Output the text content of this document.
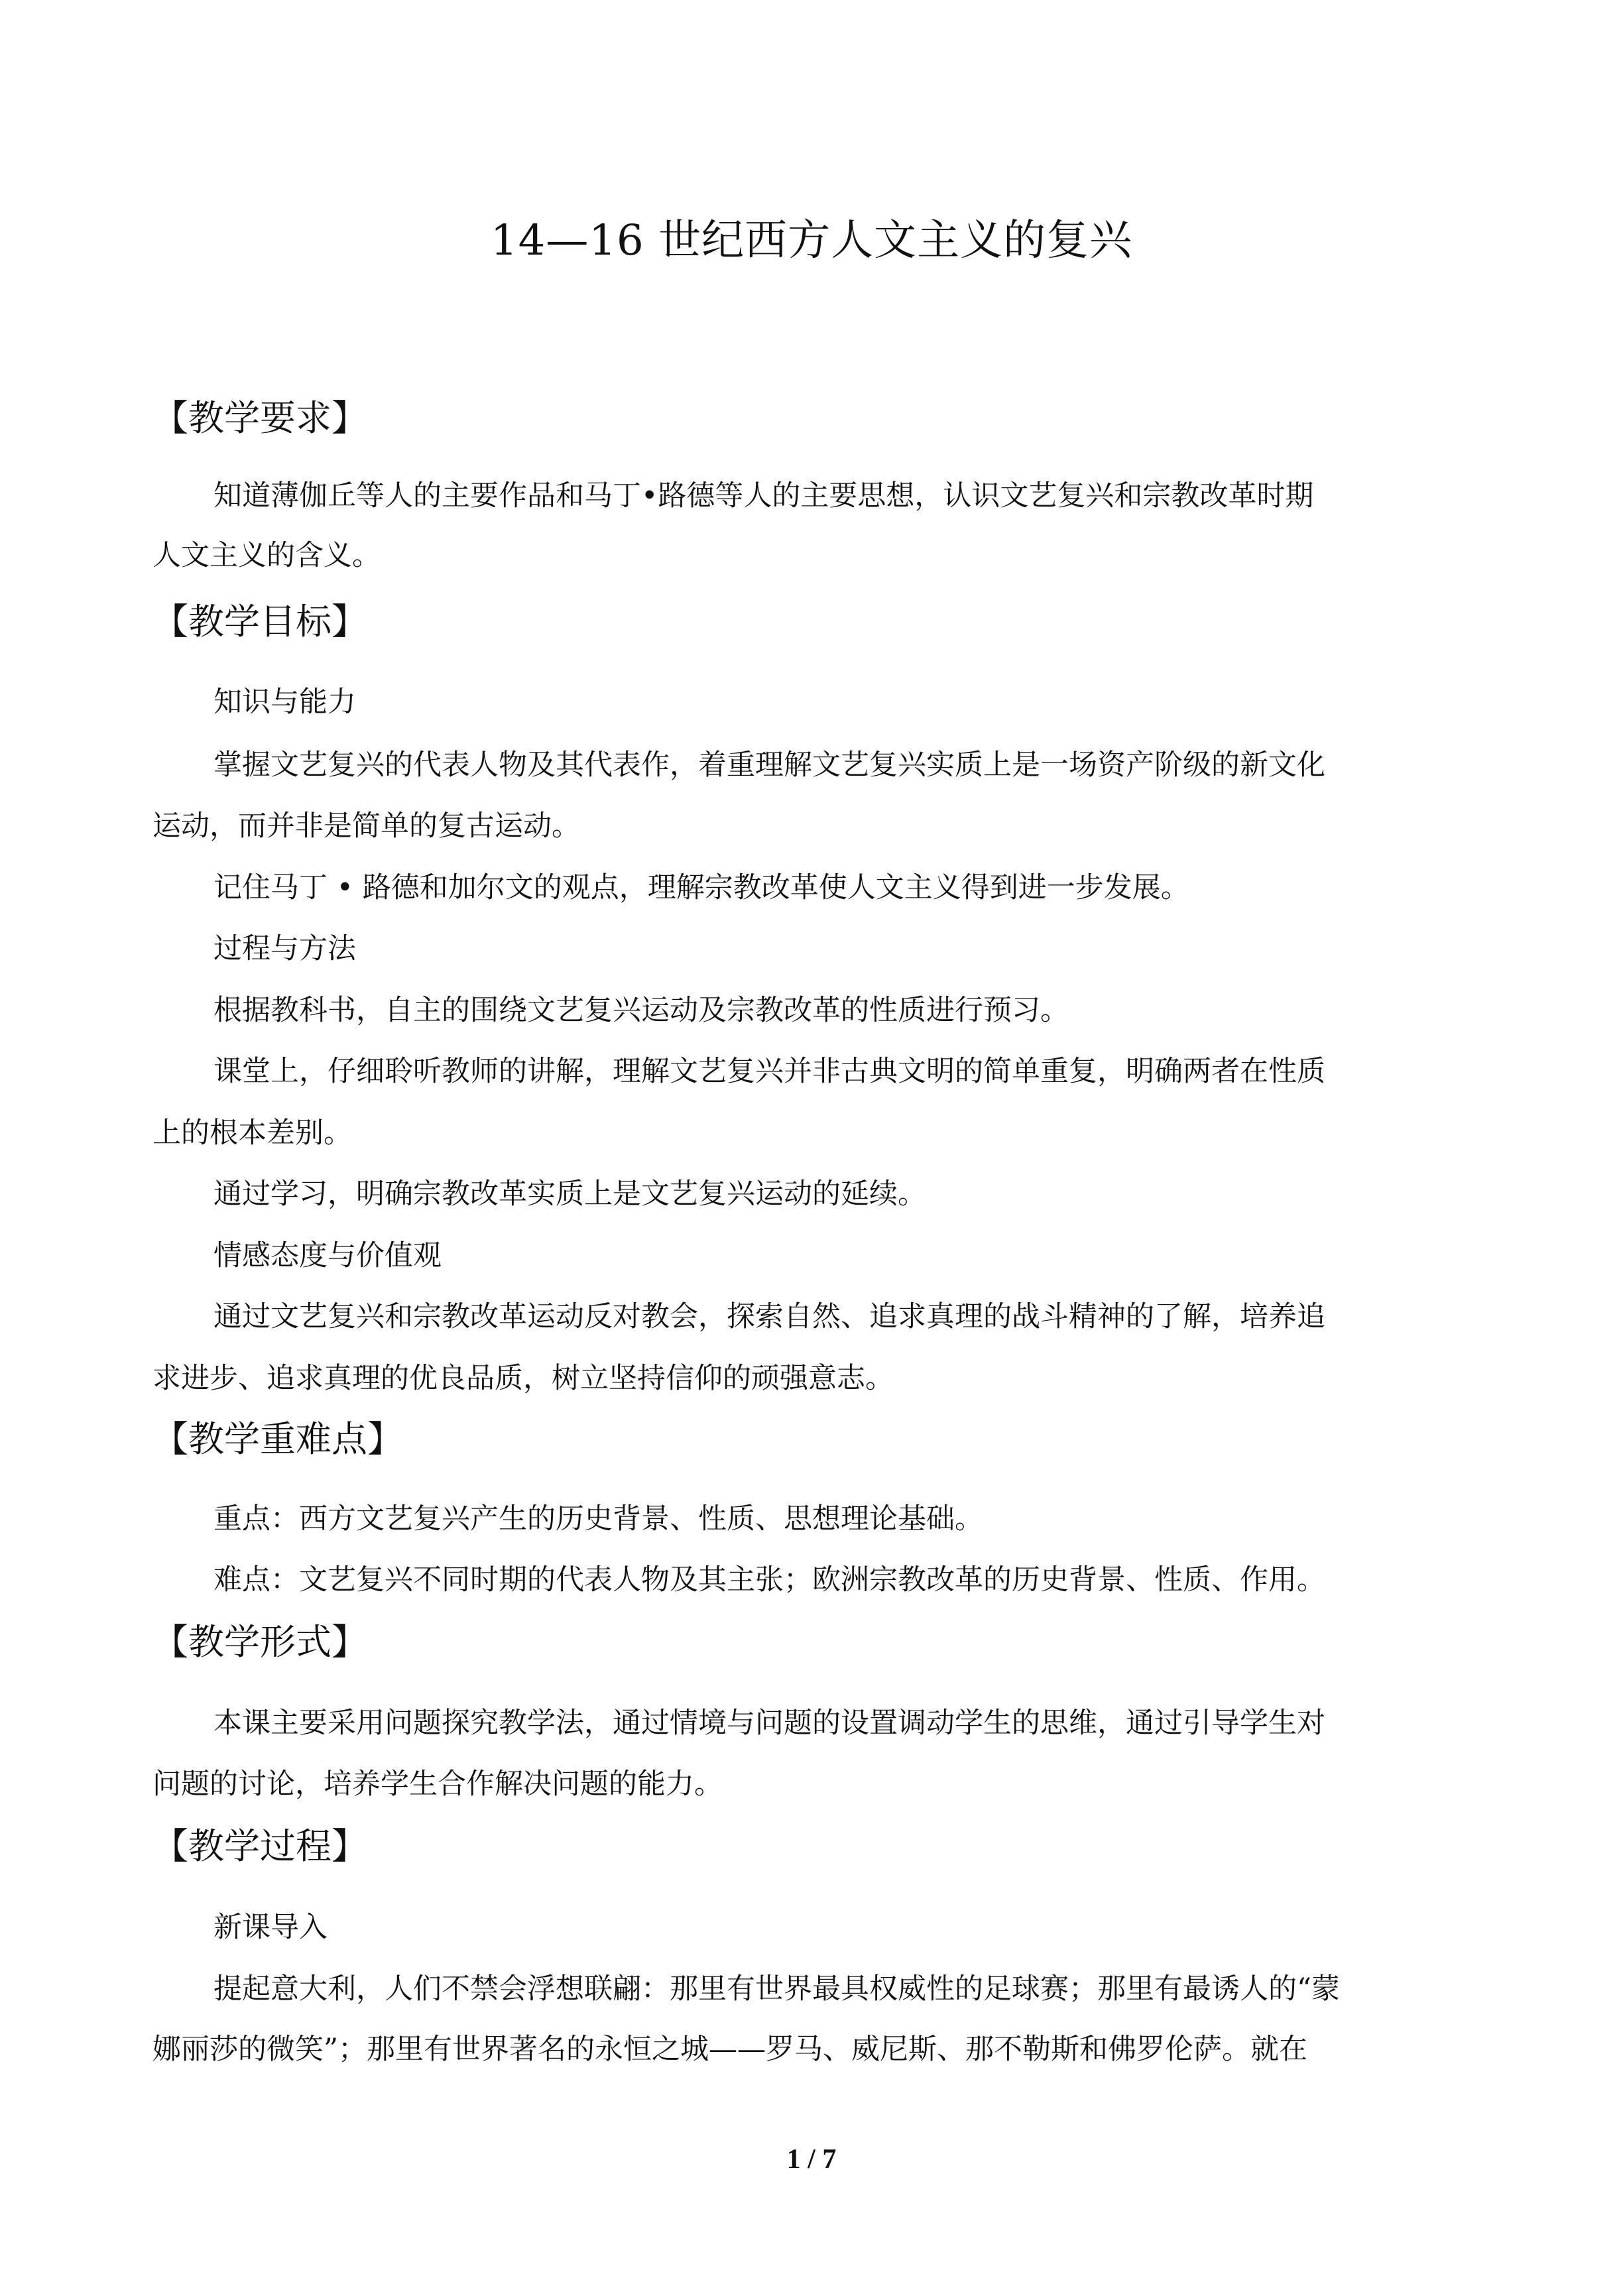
14—16 世纪西方人文主义的复兴
【教学要求】
知道薄伽丘等人的主要作品和马丁•路德等人的主要思想，认识文艺复兴和宗教改革时期
人文主义的含义。
【教学目标】
知识与能力
掌握文艺复兴的代表人物及其代表作，着重理解文艺复兴实质上是一场资产阶级的新文化
运动，而并非是简单的复古运动。
记住马丁 • 路德和加尔文的观点，理解宗教改革使人文主义得到进一步发展。
过程与方法
根据教科书，自主的围绕文艺复兴运动及宗教改革的性质进行预习。
课堂上，仔细聆听教师的讲解，理解文艺复兴并非古典文明的简单重复，明确两者在性质
上的根本差别。
通过学习，明确宗教改革实质上是文艺复兴运动的延续。
情感态度与价值观
通过文艺复兴和宗教改革运动反对教会，探索自然、追求真理的战斗精神的了解，培养追
求进步、追求真理的优良品质，树立坚持信仰的顽强意志。
【教学重难点】
重点：西方文艺复兴产生的历史背景、性质、思想理论基础。
难点：文艺复兴不同时期的代表人物及其主张；欧洲宗教改革的历史背景、性质、作用。
【教学形式】
本课主要采用问题探究教学法，通过情境与问题的设置调动学生的思维，通过引导学生对
问题的讨论，培养学生合作解决问题的能力。
【教学过程】
新课导入
提起意大利，人们不禁会浮想联翩：那里有世界最具权威性的足球赛；那里有最诱人的“蒙
娜丽莎的微笑”；那里有世界著名的永恒之城——罗马、威尼斯、那不勒斯和佛罗伦萨。就在
1 / 7
